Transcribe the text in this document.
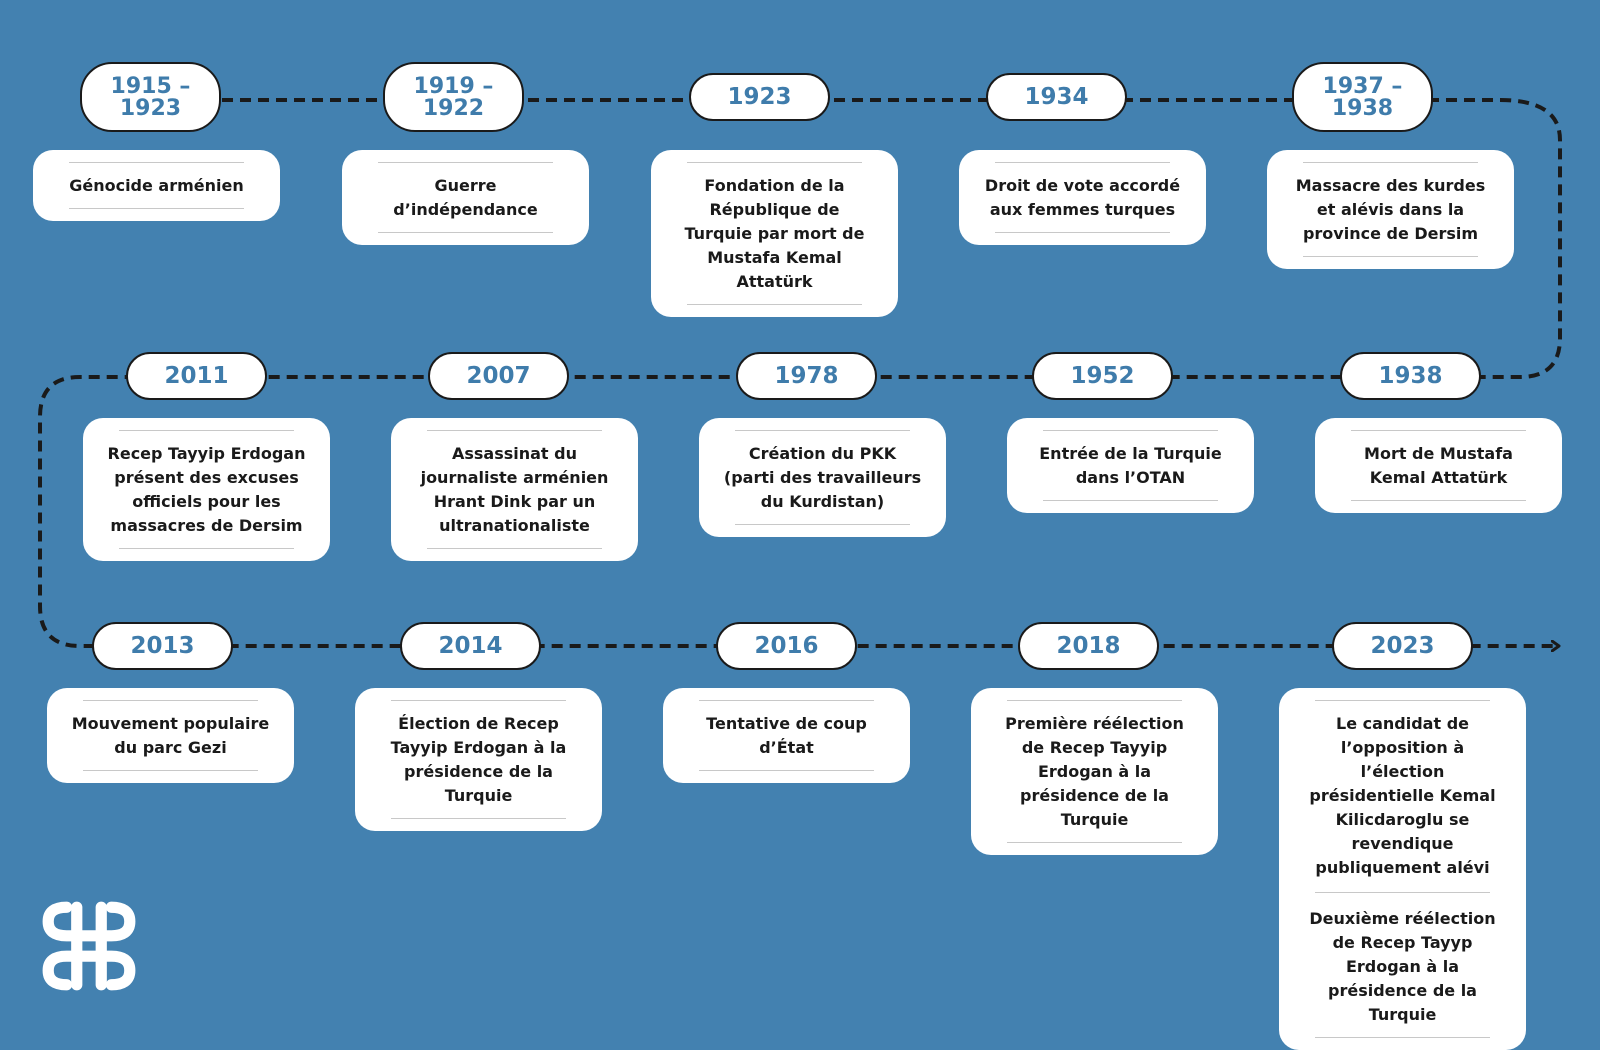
1915 –
1923
1919 –
1922	1923	1934	1937 –
1938
1938
1952
1978
2007
2011
2013	2014	2016	2018	2023
Génocide arménien	Guerre d’indépendance
Fondation de la République de Turquie par mort de Mustafa Kemal Attatürk
Droit de vote accordé aux femmes turques
Massacre des kurdes et alévis dans la province de Dersim
Mort de Mustafa Kemal Attatürk
Entrée de la Turquie dans l’OTAN
Création du PKK (parti des travailleurs du Kurdistan)
Assassinat du journaliste arménien Hrant Dink par un ultranationaliste
Recep Tayyip Erdogan présent des excuses officiels pour les massacres de Dersim
Mouvement populaire du parc Gezi
Élection de Recep Tayyip Erdogan à la présidence de la Turquie
Tentative de coup d’État
Première réélection de Recep Tayyip Erdogan à la présidence de la Turquie
Le candidat de l’opposition à l’élection présidentielle Kemal Kilicdaroglu se revendique publiquement alévi
Deuxième réélection de Recep Tayyp Erdogan à la présidence de la Turquie
